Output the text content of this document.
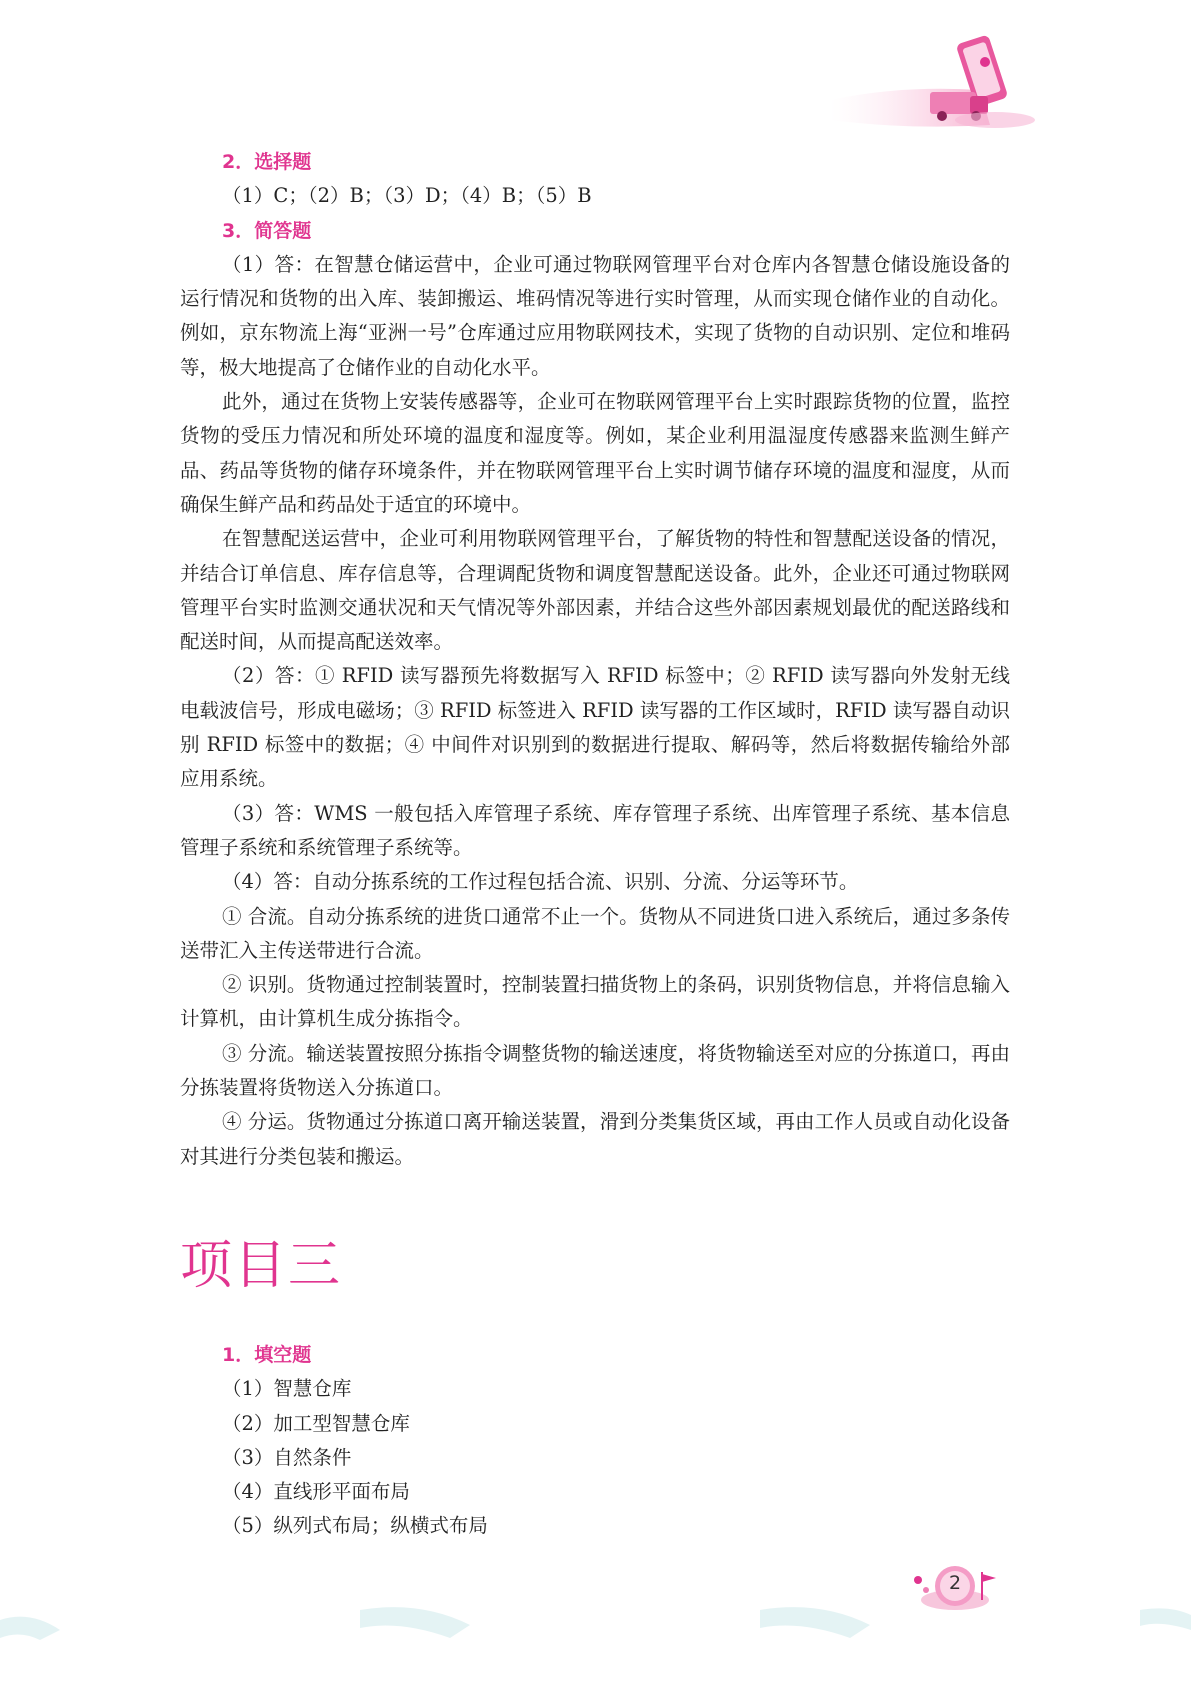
2．选择题
（1）C；（2）B；（3）D；（4）B；（5）B
3．简答题
（1）答：在智慧仓储运营中，企业可通过物联网管理平台对仓库内各智慧仓储设施设备的运行情况和货物的出入库、装卸搬运、堆码情况等进行实时管理，从而实现仓储作业的自动化。例如，京东物流上海“亚洲一号”仓库通过应用物联网技术，实现了货物的自动识别、定位和堆码等，极大地提高了仓储作业的自动化水平。
此外，通过在货物上安装传感器等，企业可在物联网管理平台上实时跟踪货物的位置，监控货物的受压力情况和所处环境的温度和湿度等。例如，某企业利用温湿度传感器来监测生鲜产品、药品等货物的储存环境条件，并在物联网管理平台上实时调节储存环境的温度和湿度，从而确保生鲜产品和药品处于适宜的环境中。
在智慧配送运营中，企业可利用物联网管理平台，了解货物的特性和智慧配送设备的情况，并结合订单信息、库存信息等，合理调配货物和调度智慧配送设备。此外，企业还可通过物联网管理平台实时监测交通状况和天气情况等外部因素，并结合这些外部因素规划最优的配送路线和配送时间，从而提高配送效率。
（2）答：① RFID 读写器预先将数据写入 RFID 标签中；② RFID 读写器向外发射无线电载波信号，形成电磁场；③ RFID 标签进入 RFID 读写器的工作区域时，RFID 读写器自动识别 RFID 标签中的数据；④ 中间件对识别到的数据进行提取、解码等，然后将数据传输给外部应用系统。
（3）答：WMS 一般包括入库管理子系统、库存管理子系统、出库管理子系统、基本信息管理子系统和系统管理子系统等。
（4）答：自动分拣系统的工作过程包括合流、识别、分流、分运等环节。
① 合流。自动分拣系统的进货口通常不止一个。货物从不同进货口进入系统后，通过多条传送带汇入主传送带进行合流。
② 识别。货物通过控制装置时，控制装置扫描货物上的条码，识别货物信息，并将信息输入计算机，由计算机生成分拣指令。
③ 分流。输送装置按照分拣指令调整货物的输送速度，将货物输送至对应的分拣道口，再由分拣装置将货物送入分拣道口。
④ 分运。货物通过分拣道口离开输送装置，滑到分类集货区域，再由工作人员或自动化设备对其进行分类包装和搬运。
项目三
1．填空题
（1）智慧仓库
（2）加工型智慧仓库
（3）自然条件
（4）直线形平面布局
（5）纵列式布局；纵横式布局
2
